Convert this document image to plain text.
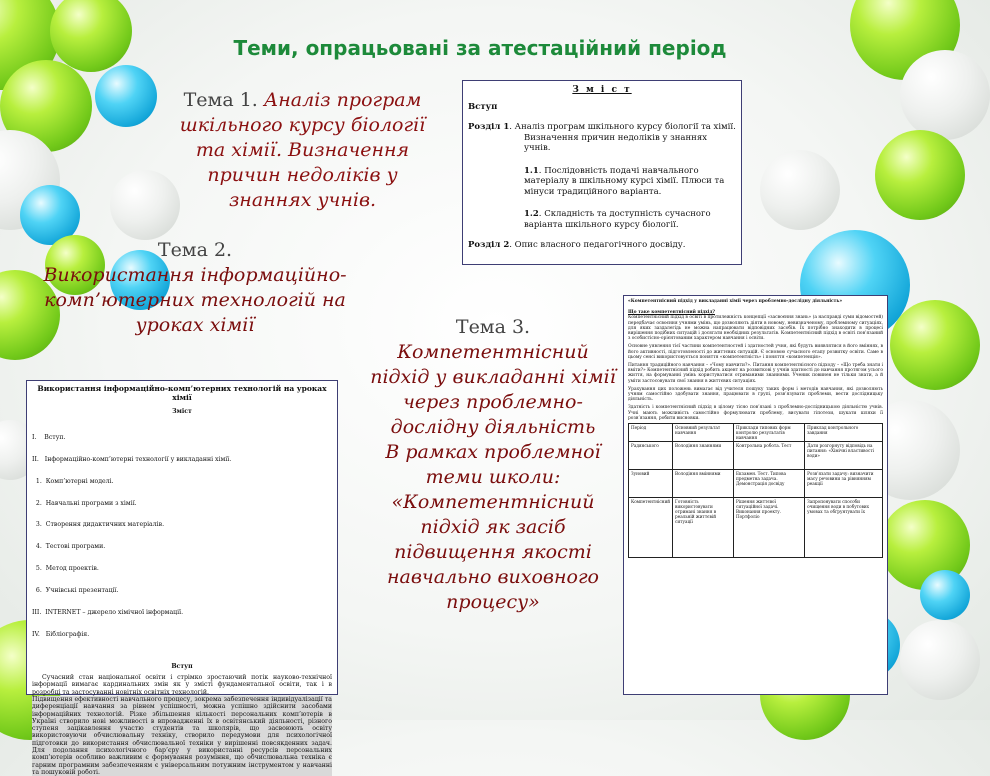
Теми, опрацьовані за атестаційний період
Тема 1. Аналіз програм шкільного курсу біології та хімії. Визначення причин недоліків у знаннях учнів.
Тема 2.
Використання інформаційно-комп’ютерних технологій на уроках хімії	Тема 3.
Компетентнісний підхід у викладанні хімії через проблемно-дослідну діяльність
В рамках проблемної теми школи:
«Компетентнісний підхід як засіб підвищення якості навчально виховного процесу»
З м і с т

Вступ

Розділ 1. Аналіз програм шкільного курсу біології та хімії.

Визначення причин недоліків у знаннях учнів.

1.1. Послідовність подачі навчального матеріалу в шкільному курсі хімії. Плюси та мінуси традиційного варіанта.

1.2. Складність та доступність сучасного варіанта шкільного курсу біології.

Розділ 2. Опис власного педагогічного досвіду.

Використання інформаційно-комп’ютерних технологій на уроках хімії
Зміст

I.    Вступ.

II.   Інформаційно-комп’ютерні технології у викладанні хімії.

1.  Комп’ютерні моделі.

2.  Навчальні програми з хімії.

3.  Створення дидактичних матеріалів.

4.  Тестові програми.

5.  Метод проектів.

6.  Учнівські презентації.

III.  INTERNET – джерело хімічної інформації.

IV.   Бібліографія.

Вступ
Сучасний стан національної освіти і стрімко зростаючий потік науково-технічної інформації вимагає кардинальних змін як у змісті фундаментальної освіти, так і в розробці та застосуванні новітніх освітніх технологій.
Підвищення ефективності навчального процесу, зокрема забезпечення індивідуалізації та диференціації навчання за рівнем успішності, можна успішно здійснити засобами інформаційних технологій. Різке збільшення кількості персональних комп’ютерів в Україні створило нові можливості в впровадженні їх в освітянський діяльності, різного ступеня зацікавлення участю студентів та школярів, що засвоюють освіту використовуючи обчислювальну техніку, створило передумови для психологічної підготовки до використання обчислювальної техніки у вирішенні повсякденних задач. Для подолання психологічного бар’єру у використанні ресурсів персональних комп’ютерів особливо важливим є формування розуміння, що обчислювальна техніка є гарним програмним забезпеченням є універсальним потужним інструментом у навчанні та пошуковій роботі.
«Компетентнісний підхід у викладанні хімії через проблемно-дослідну діяльність»
Що таке компетентнісний підхід?
Компетентнісний підхід в освіті в протилежність концепції «засвоєння знань» (а насправді суми відомостей) передбачає освоєння учнями умінь, що дозволяють діяти в новому, невизначеному, проблемному ситуаціях, для яких заздалегідь не можна напрацювати відповідних засобів. Їх потрібно знаходити в процесі вирішення подібних ситуацій і досягати необхідних результатів. Компетентнісний підхід в освіті пов’язаний з особистісно-орієнтованим характером навчання і освіти.
Основне уявлення тієї частини компетентностей і здатностей учня, які будуть виявлятися в його вміннях, в його активності, підготовленості до життєвих ситуацій. Є основою сучасного етапу розвитку освіти. Саме в цьому сенсі використовується поняття «компетентність» і поняття «компетенція».
Питання традиційного навчання – «Чому навчити?». Питання компетентнісного підходу – «Що треба знати і вміти?» Компетентнісний підхід робить акцент на розвиткові у учнів здатності до навчання протягом усього життя, на формуванні умінь користуватися отриманими знаннями. Ученик повинен не тільки знати, а й уміти застосовувати свої знання в життєвих ситуаціях.
Урахування цих положень вимагає від учителя пошуку таких форм і методів навчання, які дозволяють учням самостійно здобувати знання, працювати в групі, розв’язувати проблеми, вести дослідницьку діяльність.
Здатність і компетентнісний підхід в цілому тісно пов’язані з проблемно-дослідницькою діяльністю учнів. Учні мають можливість самостійно формулювати проблему, висувати гіпотези, шукати шляхи її розв’язання, робити висновки.
Період	Основний результат навчання	Приклади типових форм контролю результатів навчання	Приклад контрольного завдання
Радянського	Володіння знаннями	Контрольна робота. Тест	Дати розгорнуту відповідь на питання: «Хімічні властивості води»
Зуновий	Володіння вміннями	Екзамен. Тест. Типова предметна задача. Демонстрація досвіду	Розв’язати задачу: визначити масу речовини за рівнянням реакції
Компетентнісний	Готовність використовувати отримані знання в реальній життєвій ситуації	Рішення життєвої ситуаційної задачі. Виконання проекту. Портфоліо	Запропонувати способи очищення води в побутових умовах та обґрунтувати їх
